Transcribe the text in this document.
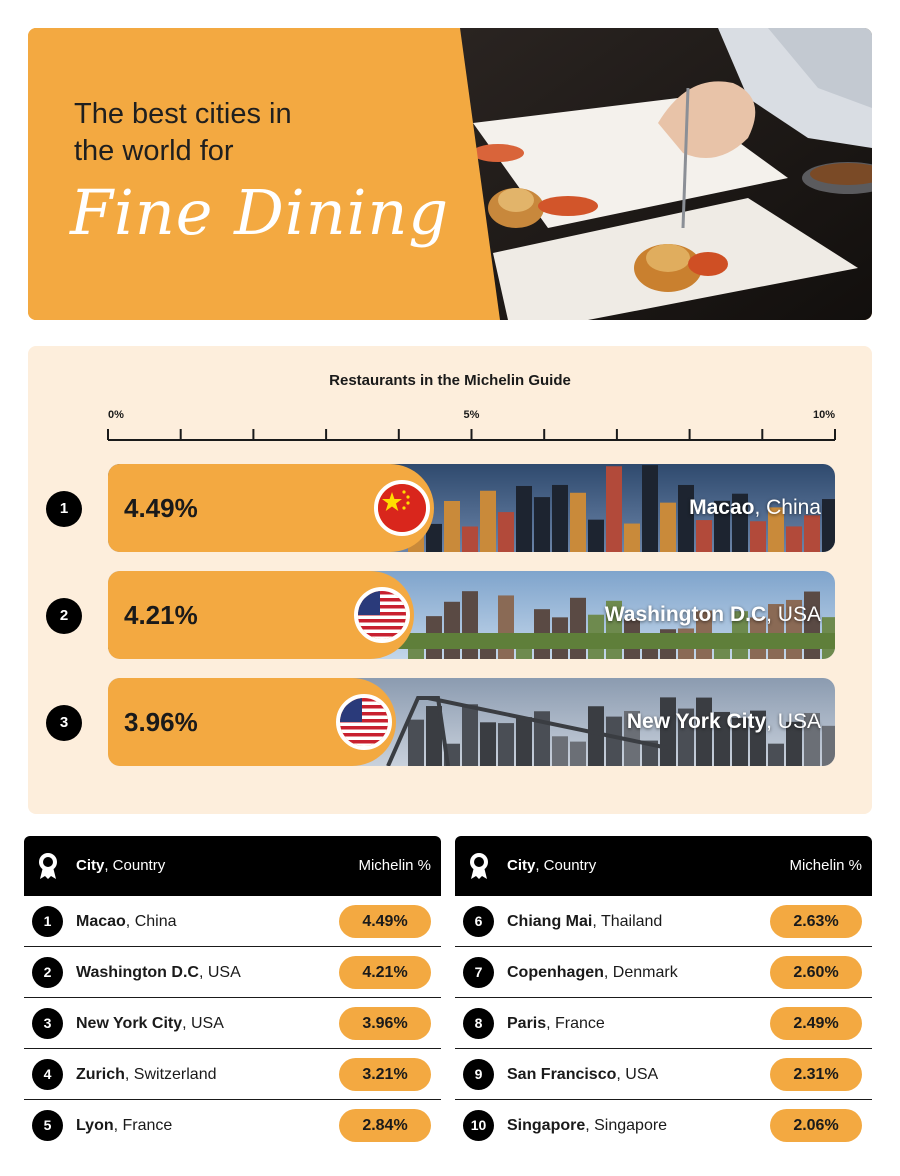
The best cities in
the world for
Fine Dining
Restaurants in the Michelin Guide
0%	5%	10%
1	4.49%	Macao, China
2	4.21%	Washington D.C, USA
3	3.96%	New York City, USA
City, Country	Michelin %
1	Macao, China	4.49%
2	Washington D.C, USA	4.21%
3	New York City, USA	3.96%
4	Zurich, Switzerland	3.21%
5	Lyon, France	2.84%
City, Country	Michelin %
6	Chiang Mai, Thailand	2.63%
7	Copenhagen, Denmark	2.60%
8	Paris, France	2.49%
9	San Francisco, USA	2.31%
10	Singapore, Singapore	2.06%
